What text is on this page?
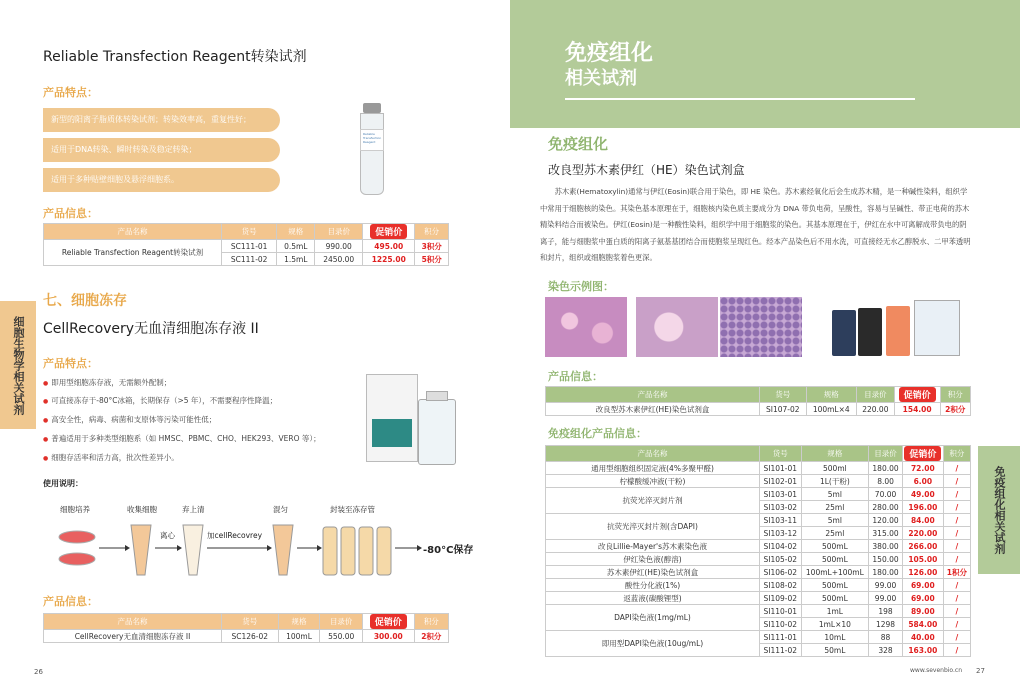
Reliable Transfection Reagent转染试剂
产品特点：
新型的阳离子脂质体转染试剂；转染效率高，重复性好；
适用于DNA转染、瞬时转染及稳定转染；
适用于多种贴壁细胞及悬浮细胞系。
Reliable Transfection Reagent
产品信息：
产品名称	货号	规格	目录价	促销价	积分
Reliable Transfection Reagent转染试剂	SC111-01	0.5mL	990.00	495.00	3积分
	SC111-02	1.5mL	2450.00	1225.00	5积分
七、细胞冻存
CellRecovery无血清细胞冻存液 II
细胞生物学相关试剂	产品特点：
● 即用型细胞冻存液，无需额外配制；
● 可直接冻存于-80°C冰箱，长期保存（>5 年），不需要程序性降温；
● 高安全性，病毒、病菌和支原体等污染可能性低；
● 普遍适用于多种类型细胞系（如 HMSC、PBMC、CHO、HEK293、VERO 等）；
● 细胞存活率和活力高，批次性差异小。
使用说明：
细胞培养	收集细胞
离心
弃上清
加cellRecovrey
混匀	封装至冻存管
-80°C保存
产品信息：
产品名称	货号	规格	目录价	促销价	积分
CellRecovery无血清细胞冻存液 II	SC126-02	100mL	550.00	300.00	2积分
26
免疫组化
相关试剂
免疫组化
改良型苏木素伊红（HE）染色试剂盒
苏木素(Hematoxylin)通常与伊红(Eosin)联合用于染色，即 HE 染色。苏木素经氧化后会生成苏木精，是一种碱性染料，组织学中常用于细胞核的染色。其染色基本原理在于，细胞核内染色质主要成分为 DNA 带负电荷，呈酸性，容易与呈碱性、带正电荷的苏木精染料结合而被染色。伊红(Eosin)是一种酸性染料，组织学中用于细胞浆的染色。其基本原理在于，伊红在水中可离解成带负电的阴离子，能与细胞浆中蛋白质的阳离子氨基基团结合而使胞浆呈现红色。经本产品染色后不用水洗，可直接经无水乙醇脱水、二甲苯透明和封片，组织或细胞胞浆着色更深。
染色示例图：
产品信息：
产品名称	货号	规格	目录价	促销价	积分
改良型苏木素伊红(HE)染色试剂盒	SI107-02	100mL×4	220.00	154.00	2积分
免疫组化产品信息：
产品名称	货号	规格	目录价	促销价	积分
通用型细胞组织固定液(4%多聚甲醛)	SI101-01	500ml	180.00	72.00	/
柠檬酸缓冲液(干粉)	SI102-01	1L(干粉)	8.00	6.00	/
抗荧光淬灭封片剂	SI103-01	5ml	70.00	49.00	/
	SI103-02	25ml	280.00	196.00	/
抗荧光淬灭封片剂(含DAPI)	SI103-11	5ml	120.00	84.00	/
	SI103-12	25ml	315.00	220.00	/
改良Lillie-Mayer's苏木素染色液	SI104-02	500mL	380.00	266.00	/
伊红染色液(醇溶)	SI105-02	500mL	150.00	105.00	/
苏木素伊红(HE)染色试剂盒	SI106-02	100mL+100mL	180.00	126.00	1积分
酸性分化液(1%)	SI108-02	500mL	99.00	69.00	/
返蓝液(碳酸锂型)	SI109-02	500mL	99.00	69.00	/
DAPI染色液(1mg/mL)	SI110-01	1mL	198	89.00	/
	SI110-02	1mL×10	1298	584.00	/
即用型DAPI染色液(10ug/mL)	SI111-01	10mL	88	40.00	/
	SI111-02	50mL	328	163.00	/
免疫组化相关试剂
www.sevenbio.cn 27
